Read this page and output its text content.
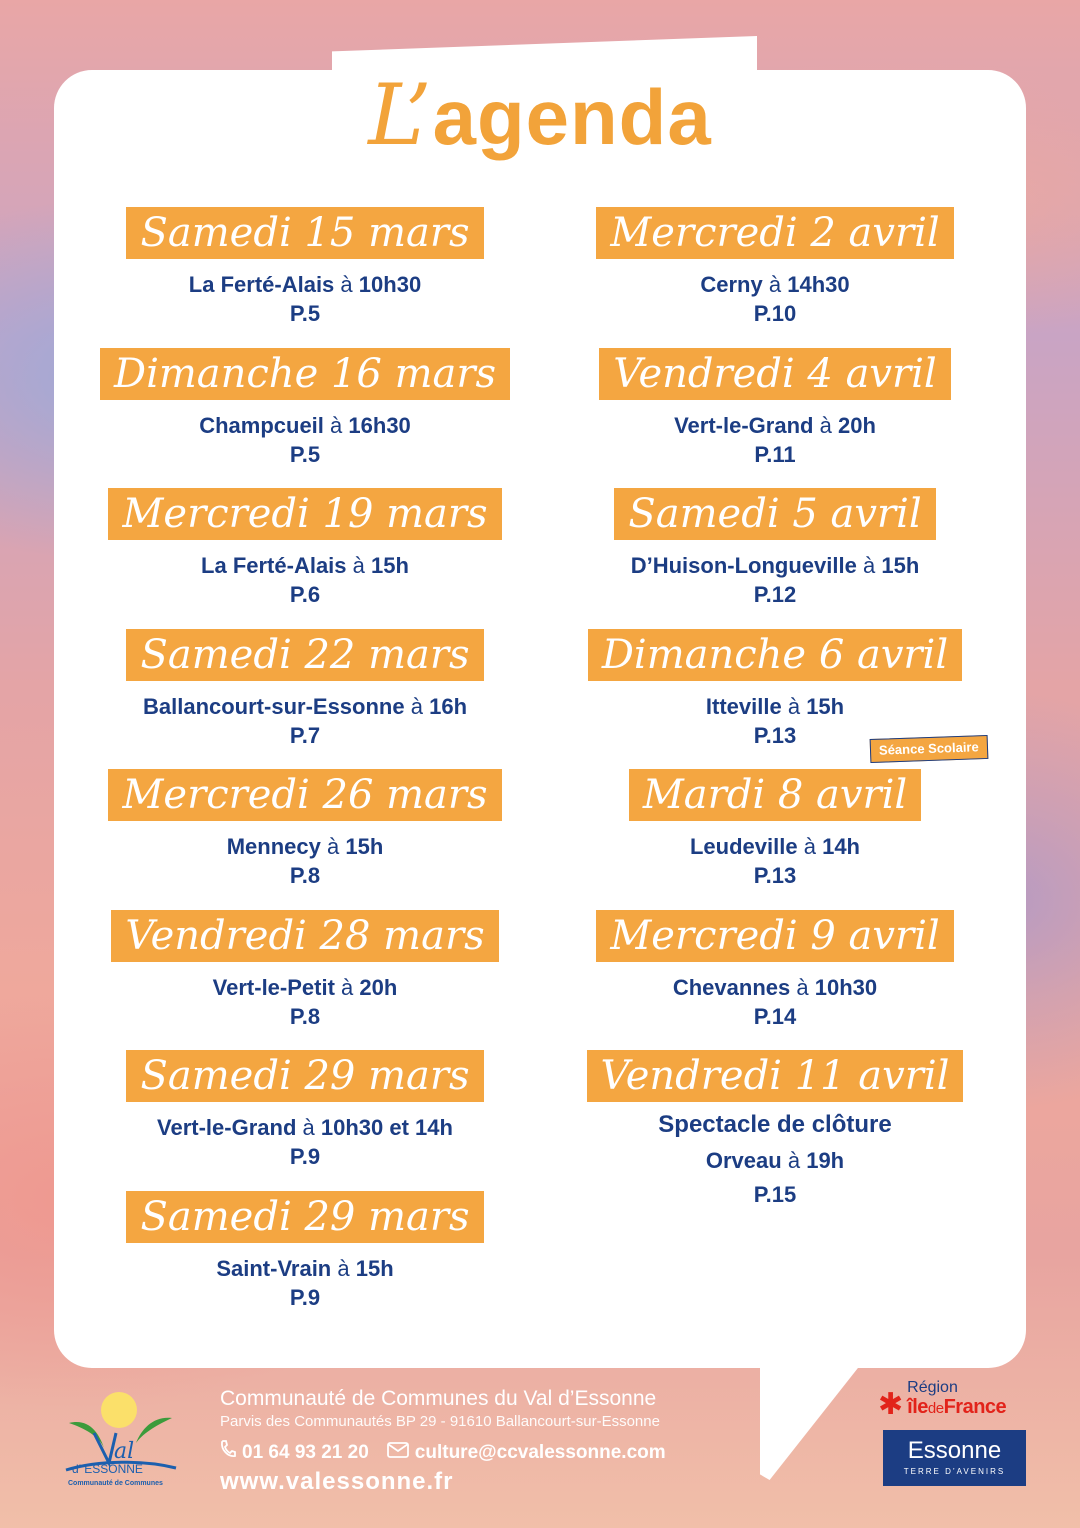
L’agenda
Samedi 15 mars
La Ferté-Alais à 10h30
P.5
Dimanche 16 mars
Champcueil à 16h30
P.5
Mercredi 19 mars
La Ferté-Alais à 15h
P.6
Samedi 22 mars
Ballancourt-sur-Essonne à 16h
P.7
Mercredi 26 mars
Mennecy à 15h
P.8
Vendredi 28 mars
Vert-le-Petit à 20h
P.8
Samedi 29 mars
Vert-le-Grand à 10h30 et 14h
P.9
Samedi 29 mars
Saint-Vrain à 15h
P.9
Mercredi 2 avril
Cerny à 14h30
P.10
Vendredi 4 avril
Vert-le-Grand à 20h
P.11
Samedi 5 avril
D’Huison-Longueville à 15h
P.12
Dimanche 6 avril
Itteville à 15h
P.13
Mardi 8 avril
Séance Scolaire
Leudeville à 14h
P.13
Mercredi 9 avril
Chevannes à 10h30
P.14
Vendredi 11 avril
Spectacle de clôture
Orveau à 19h
P.15
al
d’ ESSONNE
Communauté de Communes
Communauté de Communes du Val d’Essonne
Parvis des Communautés BP 29 - 91610 Ballancourt-sur-Essonne
01 64 93 21 20 culture@ccvalessonne.com
www.valessonne.fr
✱
Région
îledeFrance
Essonne
TERRE D’AVENIRS
